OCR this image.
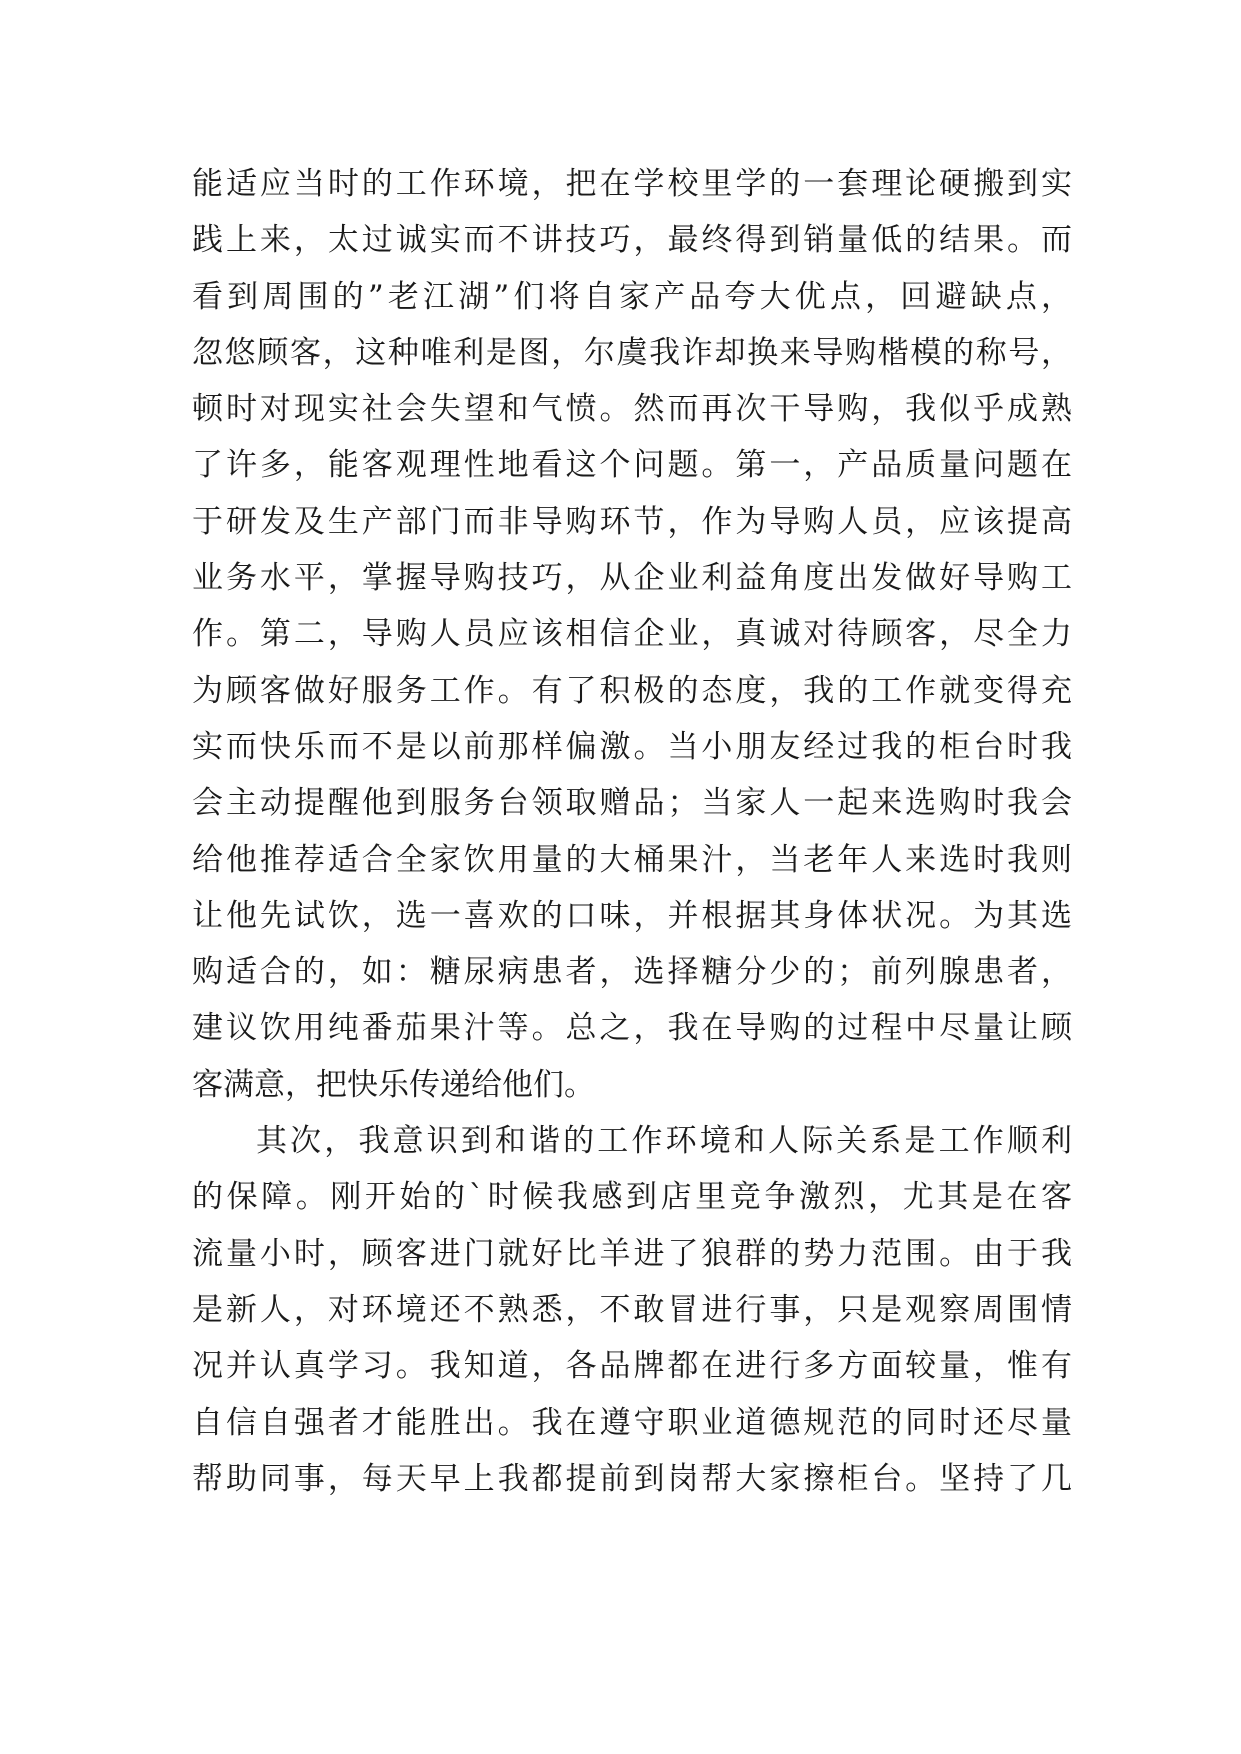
能适应当时的工作环境，把在学校里学的一套理论硬搬到实
践上来，太过诚实而不讲技巧，最终得到销量低的结果。而
看到周围的”老江湖”们将自家产品夸大优点，回避缺点，
忽悠顾客，这种唯利是图，尔虞我诈却换来导购楷模的称号，
顿时对现实社会失望和气愤。然而再次干导购，我似乎成熟
了许多，能客观理性地看这个问题。第一，产品质量问题在
于研发及生产部门而非导购环节，作为导购人员，应该提高
业务水平，掌握导购技巧，从企业利益角度出发做好导购工
作。第二，导购人员应该相信企业，真诚对待顾客，尽全力
为顾客做好服务工作。有了积极的态度，我的工作就变得充
实而快乐而不是以前那样偏激。当小朋友经过我的柜台时我
会主动提醒他到服务台领取赠品；当家人一起来选购时我会
给他推荐适合全家饮用量的大桶果汁，当老年人来选时我则
让他先试饮，选一喜欢的口味，并根据其身体状况。为其选
购适合的，如：糖尿病患者，选择糖分少的；前列腺患者，
建议饮用纯番茄果汁等。总之，我在导购的过程中尽量让顾
客满意，把快乐传递给他们。
其次，我意识到和谐的工作环境和人际关系是工作顺利
的保障。刚开始的`时候我感到店里竞争激烈，尤其是在客
流量小时，顾客进门就好比羊进了狼群的势力范围。由于我
是新人，对环境还不熟悉，不敢冒进行事，只是观察周围情
况并认真学习。我知道，各品牌都在进行多方面较量，惟有
自信自强者才能胜出。我在遵守职业道德规范的同时还尽量
帮助同事，每天早上我都提前到岗帮大家擦柜台。坚持了几
